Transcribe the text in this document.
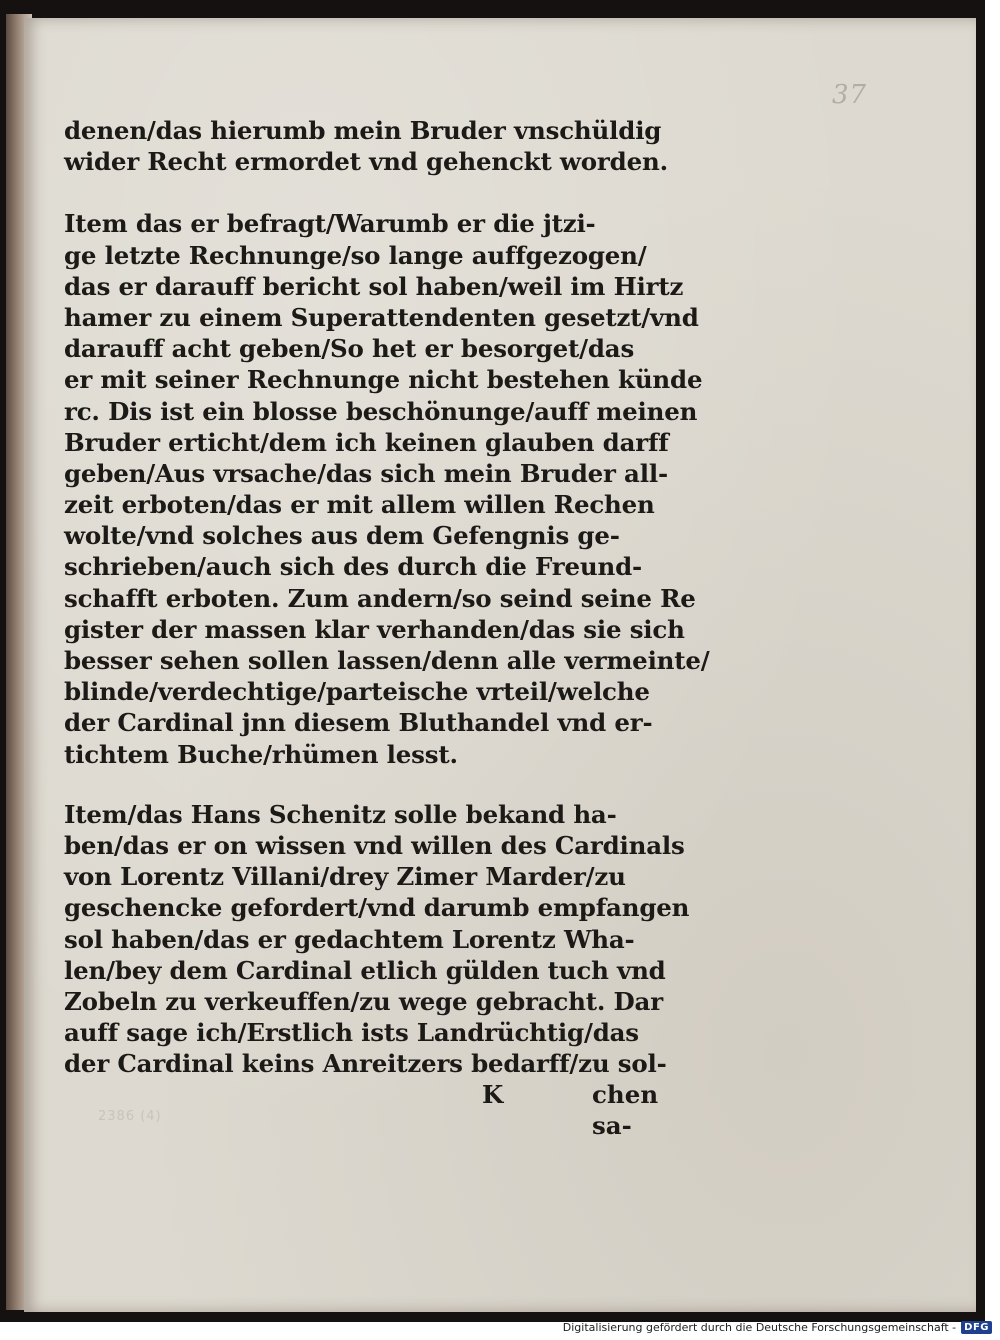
37
denen/das hierumb mein Bruder vnschüldig
wider Recht ermordet vnd gehenckt worden.
Item das er befragt/Warumb er die jtzi-
ge letzte Rechnunge/so lange auffgezogen/
das er darauff bericht sol haben/weil im Hirtz
hamer zu einem Superattendenten gesetzt/vnd
darauff acht geben/So het er besorget/das
er mit seiner Rechnunge nicht bestehen künde
rc. Dis ist ein blosse beschönunge/auff meinen
Bruder erticht/dem ich keinen glauben darff
geben/Aus vrsache/das sich mein Bruder all-
zeit erboten/das er mit allem willen Rechen
wolte/vnd solches aus dem Gefengnis ge-
schrieben/auch sich des durch die Freund-
schafft erboten. Zum andern/so seind seine Re
gister der massen klar verhanden/das sie sich
besser sehen sollen lassen/denn alle vermeinte/
blinde/verdechtige/parteische vrteil/welche
der Cardinal jnn diesem Bluthandel vnd er-
tichtem Buche/rhümen lesst.
Item/das Hans Schenitz solle bekand ha-
ben/das er on wissen vnd willen des Cardinals
von Lorentz Villani/drey Zimer Marder/zu
geschencke gefordert/vnd darumb empfangen
sol haben/das er gedachtem Lorentz Wha-
len/bey dem Cardinal etlich gülden tuch vnd
Zobeln zu verkeuffen/zu wege gebracht. Dar
auff sage ich/Erstlich ists Landrüchtig/das
der Cardinal keins Anreitzers bedarff/zu sol-
K	chen sa-
2386 (4)
Digitalisierung gefördert durch die Deutsche Forschungsgemeinschaft - DFG
